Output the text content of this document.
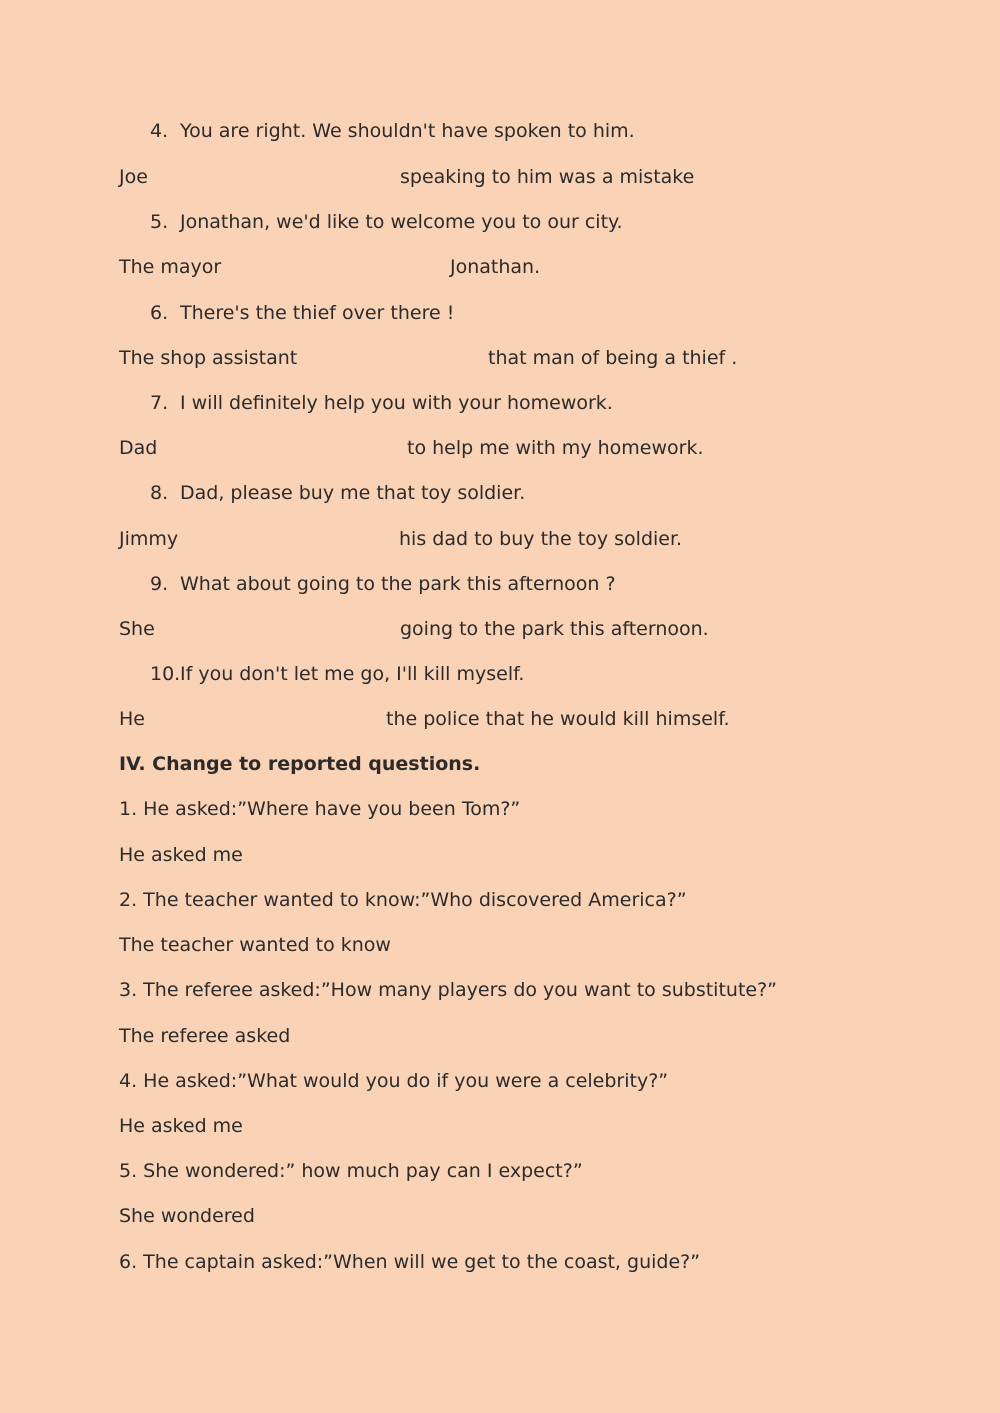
4. You are right. We shouldn't have spoken to him.
Joe	speaking to him was a mistake
5. Jonathan, we'd like to welcome you to our city.
The mayor	Jonathan.
6. There's the thief over there !
The shop assistant	that man of being a thief .
7. I will definitely help you with your homework.
Dad	to help me with my homework.
8. Dad, please buy me that toy soldier.
Jimmy	his dad to buy the toy soldier.
9. What about going to the park this afternoon ?
She	going to the park this afternoon.
10.If you don't let me go, I'll kill myself.
He	the police that he would kill himself.
IV. Change to reported questions.
1. He asked:”Where have you been Tom?”
He asked me
2. The teacher wanted to know:”Who discovered America?”
The teacher wanted to know
3. The referee asked:”How many players do you want to substitute?”
The referee asked
4. He asked:”What would you do if you were a celebrity?”
He asked me
5. She wondered:” how much pay can I expect?”
She wondered
6. The captain asked:”When will we get to the coast, guide?”
